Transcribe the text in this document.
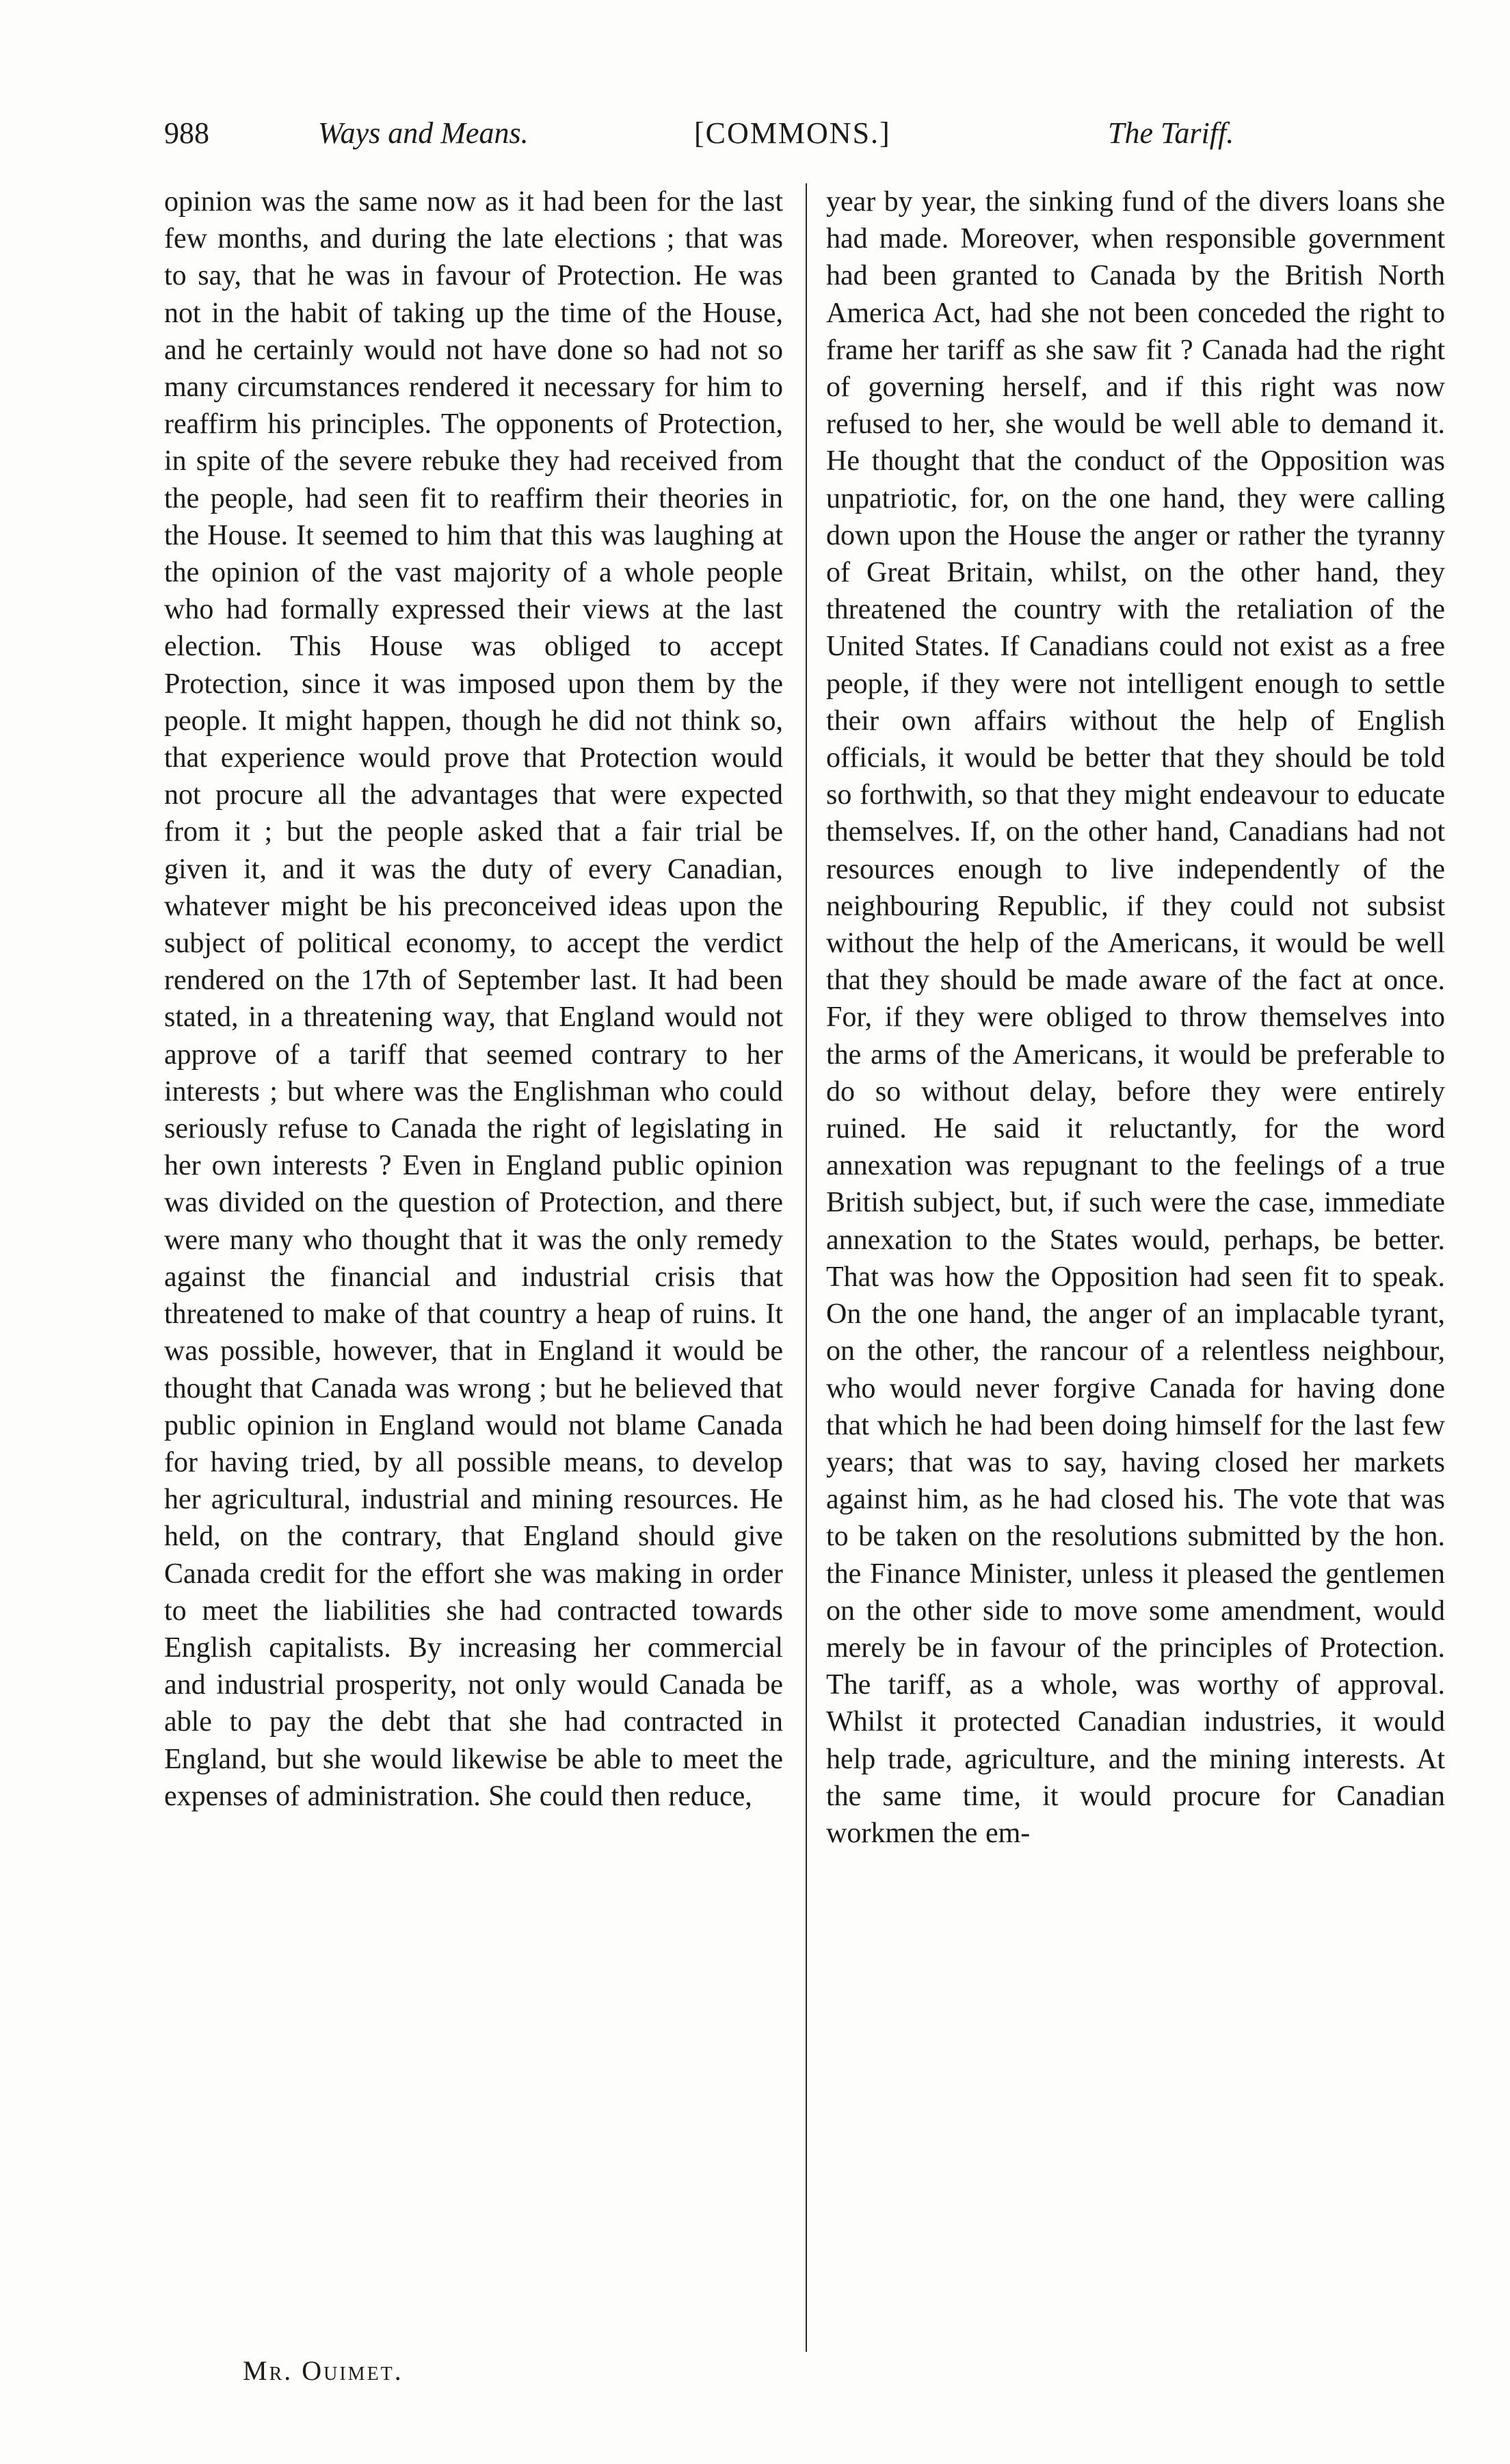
988	Ways and Means.	[COMMONS.]	The Tariff.

opinion was the same now as it had been for the last few months, and during the late elections ; that was to say, that he was in favour of Protection. He was not in the habit of taking up the time of the House, and he certainly would not have done so had not so many circumstances rendered it necessary for him to reaffirm his principles. The opponents of Protection, in spite of the severe rebuke they had received from the people, had seen fit to reaffirm their theories in the House. It seemed to him that this was laughing at the opinion of the vast majority of a whole people who had formally expressed their views at the last election. This House was obliged to accept Protection, since it was imposed upon them by the people. It might happen, though he did not think so, that experience would prove that Protection would not procure all the advantages that were expected from it ; but the people asked that a fair trial be given it, and it was the duty of every Canadian, whatever might be his preconceived ideas upon the subject of political economy, to accept the verdict rendered on the 17th of September last. It had been stated, in a threatening way, that England would not approve of a tariff that seemed contrary to her interests ; but where was the Englishman who could seriously refuse to Canada the right of legislating in her own interests ? Even in England public opinion was divided on the question of Protection, and there were many who thought that it was the only remedy against the financial and industrial crisis that threatened to make of that country a heap of ruins. It was possible, however, that in England it would be thought that Canada was wrong ; but he believed that public opinion in England would not blame Canada for having tried, by all possible means, to develop her agricultural, industrial and mining resources. He held, on the contrary, that England should give Canada credit for the effort she was making in order to meet the liabilities she had contracted towards English capitalists. By increasing her commercial and industrial prosperity, not only would Canada be able to pay the debt that she had contracted in England, but she would likewise be able to meet the expenses of administration. She could then reduce,

year by year, the sinking fund of the divers loans she had made. Moreover, when responsible government had been granted to Canada by the British North America Act, had she not been conceded the right to frame her tariff as she saw fit ? Canada had the right of governing herself, and if this right was now refused to her, she would be well able to demand it. He thought that the conduct of the Opposition was unpatriotic, for, on the one hand, they were calling down upon the House the anger or rather the tyranny of Great Britain, whilst, on the other hand, they threatened the country with the retaliation of the United States. If Canadians could not exist as a free people, if they were not intelligent enough to settle their own affairs without the help of English officials, it would be better that they should be told so forthwith, so that they might endeavour to educate themselves. If, on the other hand, Canadians had not resources enough to live independently of the neighbouring Republic, if they could not subsist without the help of the Americans, it would be well that they should be made aware of the fact at once. For, if they were obliged to throw themselves into the arms of the Americans, it would be preferable to do so without delay, before they were entirely ruined. He said it reluctantly, for the word annexation was repugnant to the feelings of a true British subject, but, if such were the case, immediate annexation to the States would, perhaps, be better. That was how the Opposition had seen fit to speak. On the one hand, the anger of an implacable tyrant, on the other, the rancour of a relentless neighbour, who would never forgive Canada for having done that which he had been doing himself for the last few years; that was to say, having closed her markets against him, as he had closed his. The vote that was to be taken on the resolutions submitted by the hon. the Finance Minister, unless it pleased the gentlemen on the other side to move some amendment, would merely be in favour of the principles of Protection. The tariff, as a whole, was worthy of approval. Whilst it protected Canadian industries, it would help trade, agriculture, and the mining interests. At the same time, it would procure for Canadian workmen the em-

Mr. Ouimet.
